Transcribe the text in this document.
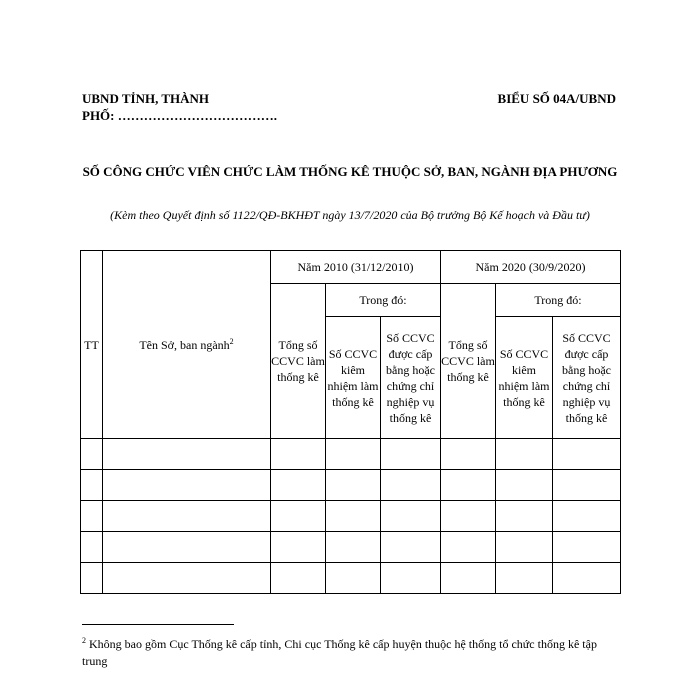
UBND TỈNH, THÀNH
PHỐ: ……………………………….
BIỂU SỐ 04A/UBND
SỐ CÔNG CHỨC VIÊN CHỨC LÀM THỐNG KÊ THUỘC SỞ, BAN, NGÀNH ĐỊA PHƯƠNG
(Kèm theo Quyết định số 1122/QĐ-BKHĐT ngày 13/7/2020 của Bộ trưởng Bộ Kế hoạch và Đầu tư)
TT	Tên Sở, ban ngành$^2$	Năm 2010 (31/12/2010)			Năm 2020 (30/9/2020)		
		Tổng số CCVC làm thống kê	Trong đó:		Tổng số CCVC làm thống kê	Trong đó:	
			Số CCVC kiêm nhiệm làm thống kê	Số CCVC được cấp bằng hoặc chứng chỉ nghiệp vụ thống kê		Số CCVC kiêm nhiệm làm thống kê	Số CCVC được cấp bằng hoặc chứng chỉ nghiệp vụ thống kê

$^2$ Không bao gồm Cục Thống kê cấp tỉnh, Chi cục Thống kê cấp huyện thuộc hệ thống tổ chức thống kê tập trung
